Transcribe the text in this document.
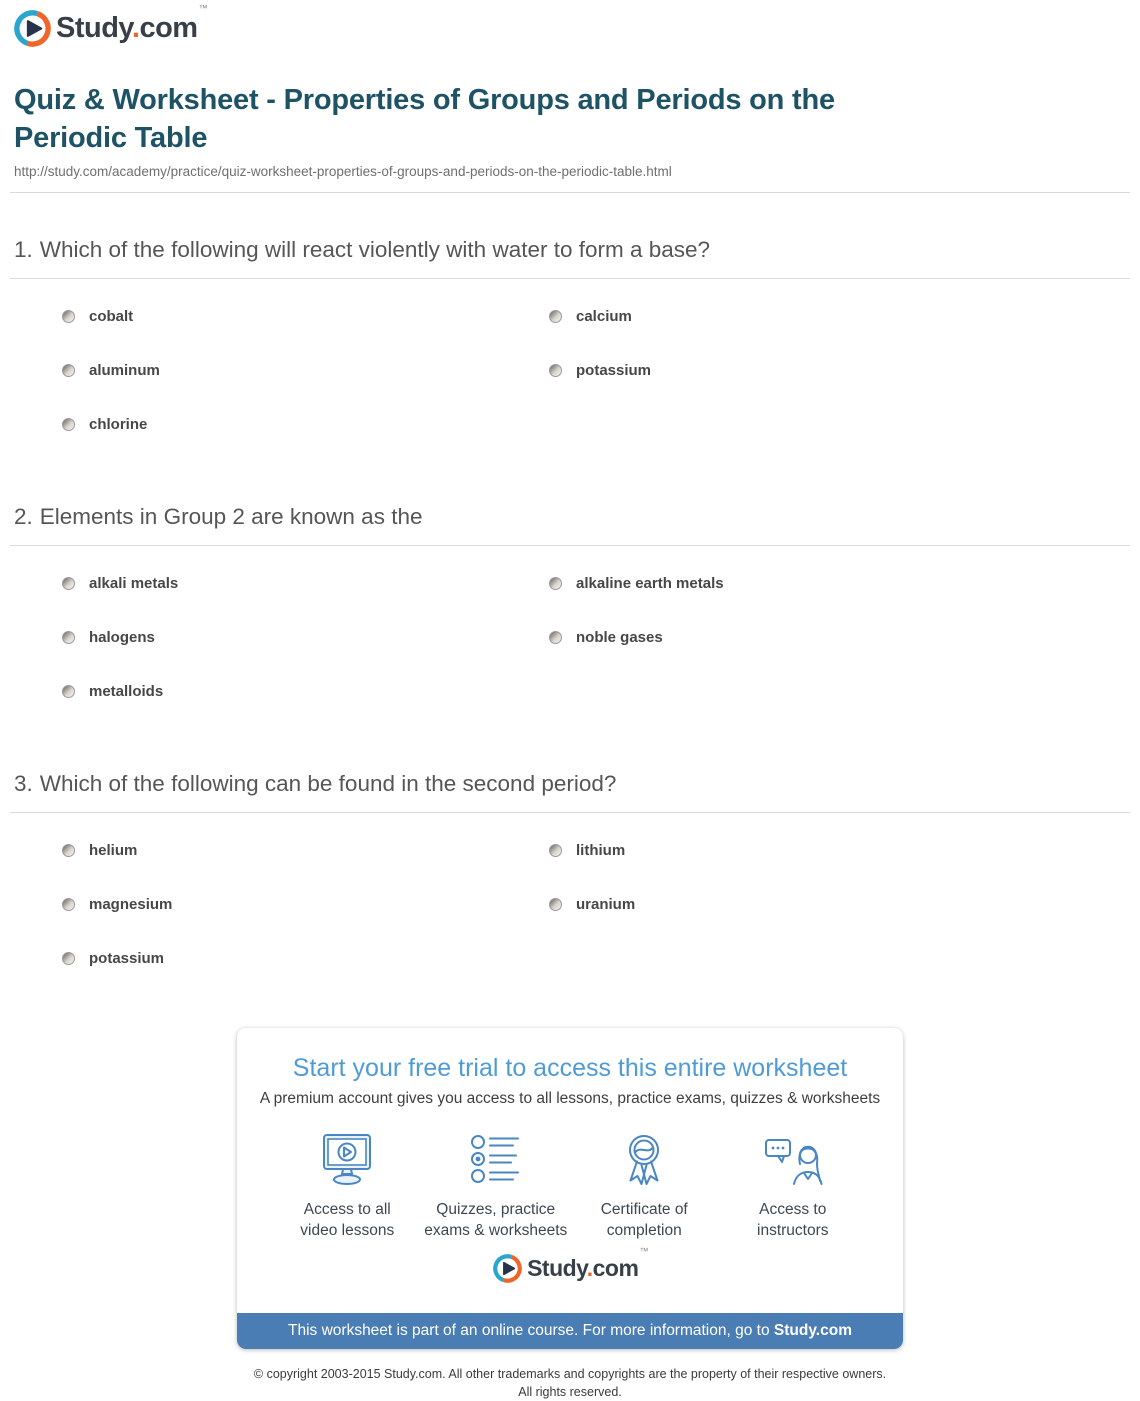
Study.com™
Quiz & Worksheet - Properties of Groups and Periods on the Periodic Table
http://study.com/academy/practice/quiz-worksheet-properties-of-groups-and-periods-on-the-periodic-table.html
1. Which of the following will react violently with water to form a base?
cobalt	calcium
aluminum	potassium
chlorine
2. Elements in Group 2 are known as the
alkali metals	alkaline earth metals
halogens	noble gases
metalloids
3. Which of the following can be found in the second period?
helium	lithium
magnesium	uranium
potassium
Start your free trial to access this entire worksheet
A premium account gives you access to all lessons, practice exams, quizzes & worksheets
Access to all
video lessons
Quizzes, practice
exams & worksheets
Certificate of
completion
Access to
instructors
Study.com™
This worksheet is part of an online course. For more information, go to Study.com
© copyright 2003-2015 Study.com. All other trademarks and copyrights are the property of their respective owners.
All rights reserved.
